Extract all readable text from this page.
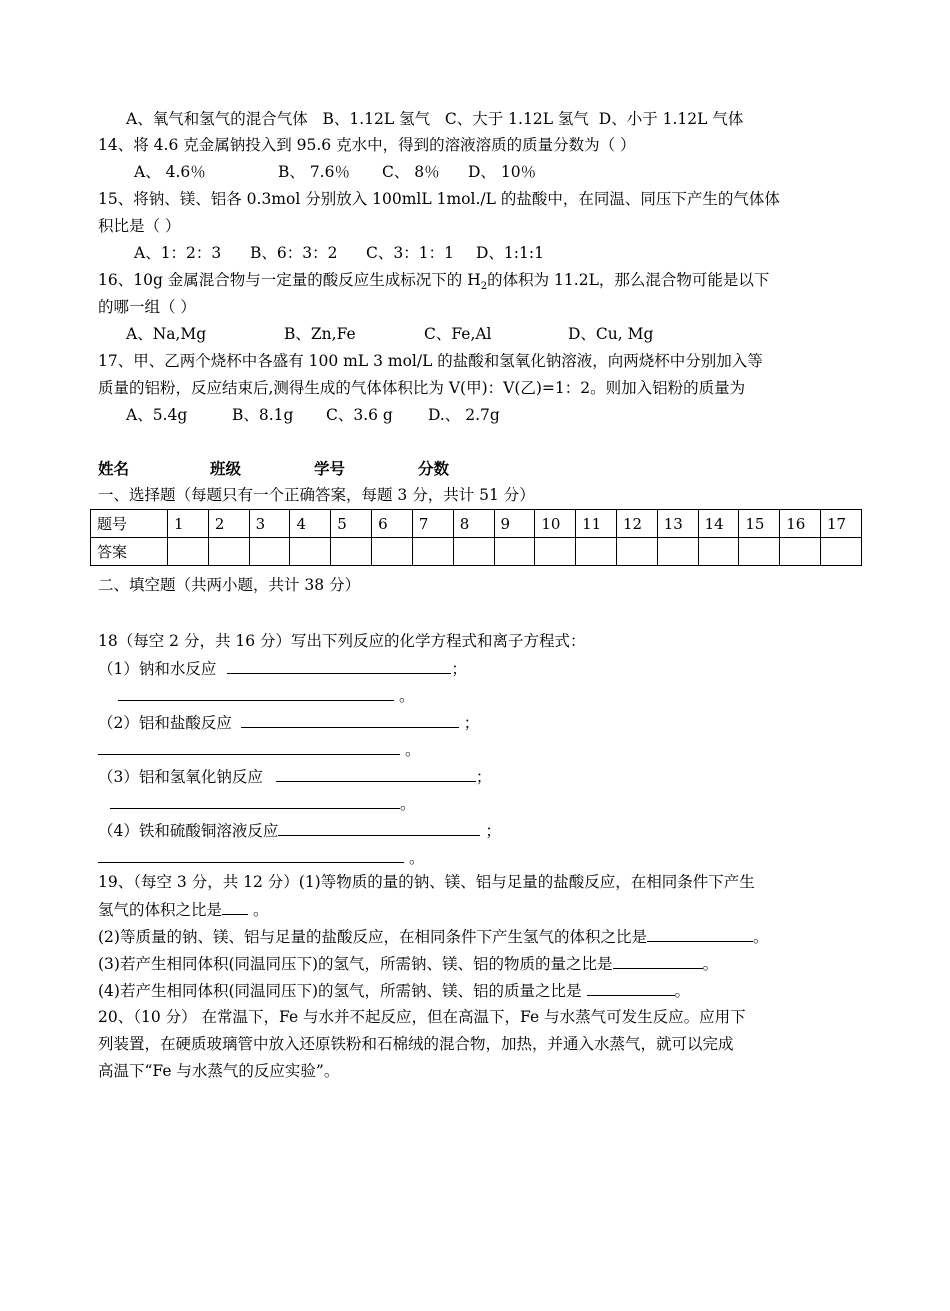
A、氧气和氢气的混合气体 B、1.12L 氢气 C、大于 1.12L 氢气 D、小于 1.12L 气体
14、将 4.6 克金属钠投入到 95.6 克水中，得到的溶液溶质的质量分数为（ ）
A、 4.6％	B、 7.6％ C、 8％ D、 10％
15、将钠、镁、铝各 0.3mol 分别放入 100mlL 1mol./L 的盐酸中，在同温、同压下产生的气体体
积比是（ ）
A、1：2：3 B、6：3：2 C、3：1：1 D、1:1:1
16、10g 金属混合物与一定量的酸反应生成标况下的 $H_2$的体积为 11.2L，那么混合物可能是以下
的哪一组（ ）
A、Na,Mg	B、Zn,Fe	C、Fe,Al	D、Cu, Mg
17、甲、乙两个烧杯中各盛有 100 mL 3 mol/L 的盐酸和氢氧化钠溶液，向两烧杯中分别加入等
质量的铝粉，反应结束后,测得生成的气体体积比为 V(甲)：V(乙)=1：2。则加入铝粉的质量为
A、5.4g	B、8.1g C、3.6 g D.、 2.7g
姓名	班级	学号	分数
一、选择题（每题只有一个正确答案，每题 3 分，共计 51 分）
题号	1	2	3	4	5	6	7	8	9	10	11	12	13	14	15	16	17
答案																	
二、填空题（共两小题，共计 38 分）
18（每空 2 分，共 16 分）写出下列反应的化学方程式和离子方程式：
（1）钠和水反应	；
。
（2）铝和盐酸反应	；
。
（3）铝和氢氧化钠反应	；
。
（4）铁和硫酸铜溶液反应	；
。
19、（每空 3 分，共 12 分）(1)等物质的量的钠、镁、铝与足量的盐酸反应，在相同条件下产生
氢气的体积之比是 。
(2)等质量的钠、镁、铝与足量的盐酸反应，在相同条件下产生氢气的体积之比是	。
(3)若产生相同体积(同温同压下)的氢气，所需钠、镁、铝的物质的量之比是	。
(4)若产生相同体积(同温同压下)的氢气，所需钠、镁、铝的质量之比是	。
20、（10 分） 在常温下，Fe 与水并不起反应，但在高温下，Fe 与水蒸气可发生反应。应用下
列装置，在硬质玻璃管中放入还原铁粉和石棉绒的混合物，加热，并通入水蒸气，就可以完成
高温下“Fe 与水蒸气的反应实验”。
